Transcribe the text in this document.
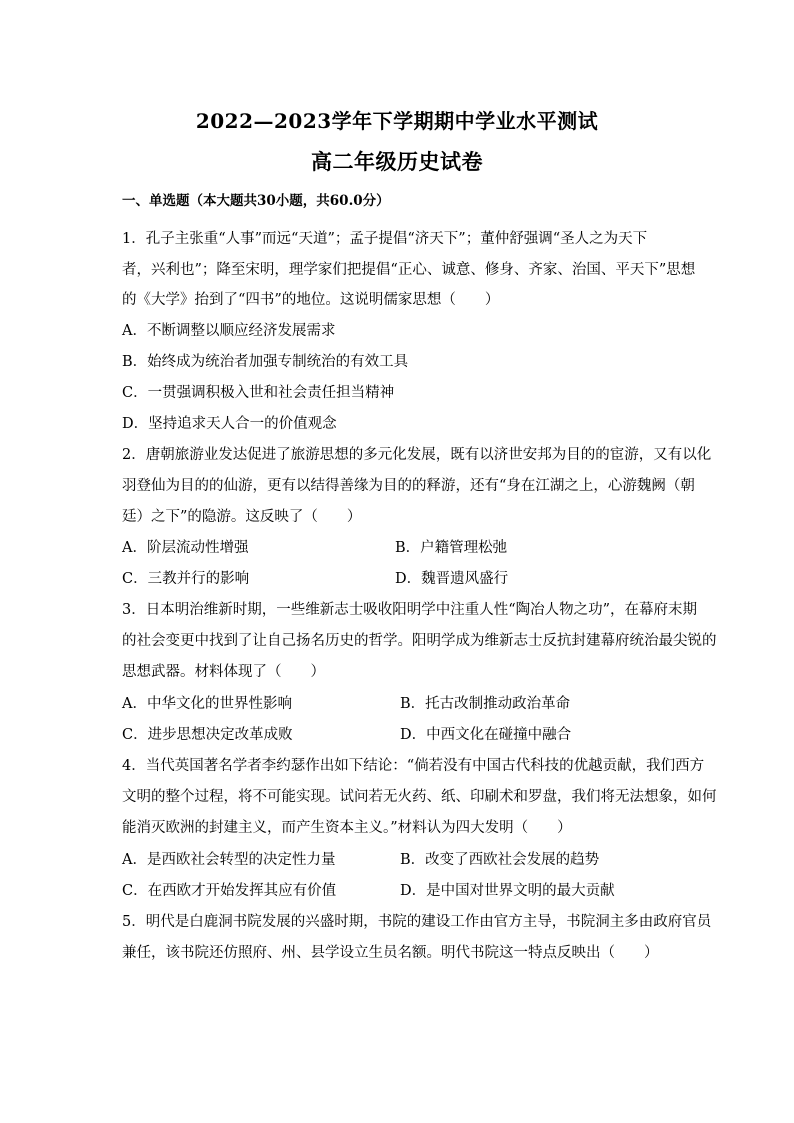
2022—2023学年下学期期中学业水平测试
高二年级历史试卷
一、单选题（本大题共30小题，共60.0分）
1．孔子主张重“人事”而远“天道”；孟子提倡“济天下”；董仲舒强调“圣人之为天下
者，兴利也”；降至宋明，理学家们把提倡“正心、诚意、修身、齐家、治国、平天下”思想
的《大学》抬到了“四书”的地位。这说明儒家思想（　　）
A．不断调整以顺应经济发展需求
B．始终成为统治者加强专制统治的有效工具
C．一贯强调积极入世和社会责任担当精神
D．坚持追求天人合一的价值观念
2．唐朝旅游业发达促进了旅游思想的多元化发展，既有以济世安邦为目的的宦游，又有以化
羽登仙为目的的仙游，更有以结得善缘为目的的释游，还有“身在江湖之上，心游魏阙（朝
廷）之下”的隐游。这反映了（　　）
A．阶层流动性增强	B．户籍管理松弛
C．三教并行的影响	D．魏晋遗风盛行
3．日本明治维新时期，一些维新志士吸收阳明学中注重人性“陶冶人物之功”，在幕府末期
的社会变更中找到了让自己扬名历史的哲学。阳明学成为维新志士反抗封建幕府统治最尖锐的
思想武器。材料体现了（　　）
A．中华文化的世界性影响	B．托古改制推动政治革命
C．进步思想决定改革成败	D．中西文化在碰撞中融合
4．当代英国著名学者李约瑟作出如下结论：“倘若没有中国古代科技的优越贡献，我们西方
文明的整个过程，将不可能实现。试问若无火药、纸、印刷术和罗盘，我们将无法想象，如何
能消灭欧洲的封建主义，而产生资本主义。”材料认为四大发明（　　）
A．是西欧社会转型的决定性力量	B．改变了西欧社会发展的趋势
C．在西欧才开始发挥其应有价值	D．是中国对世界文明的最大贡献
5．明代是白鹿洞书院发展的兴盛时期，书院的建设工作由官方主导，书院洞主多由政府官员
兼任，该书院还仿照府、州、县学设立生员名额。明代书院这一特点反映出（　　）
